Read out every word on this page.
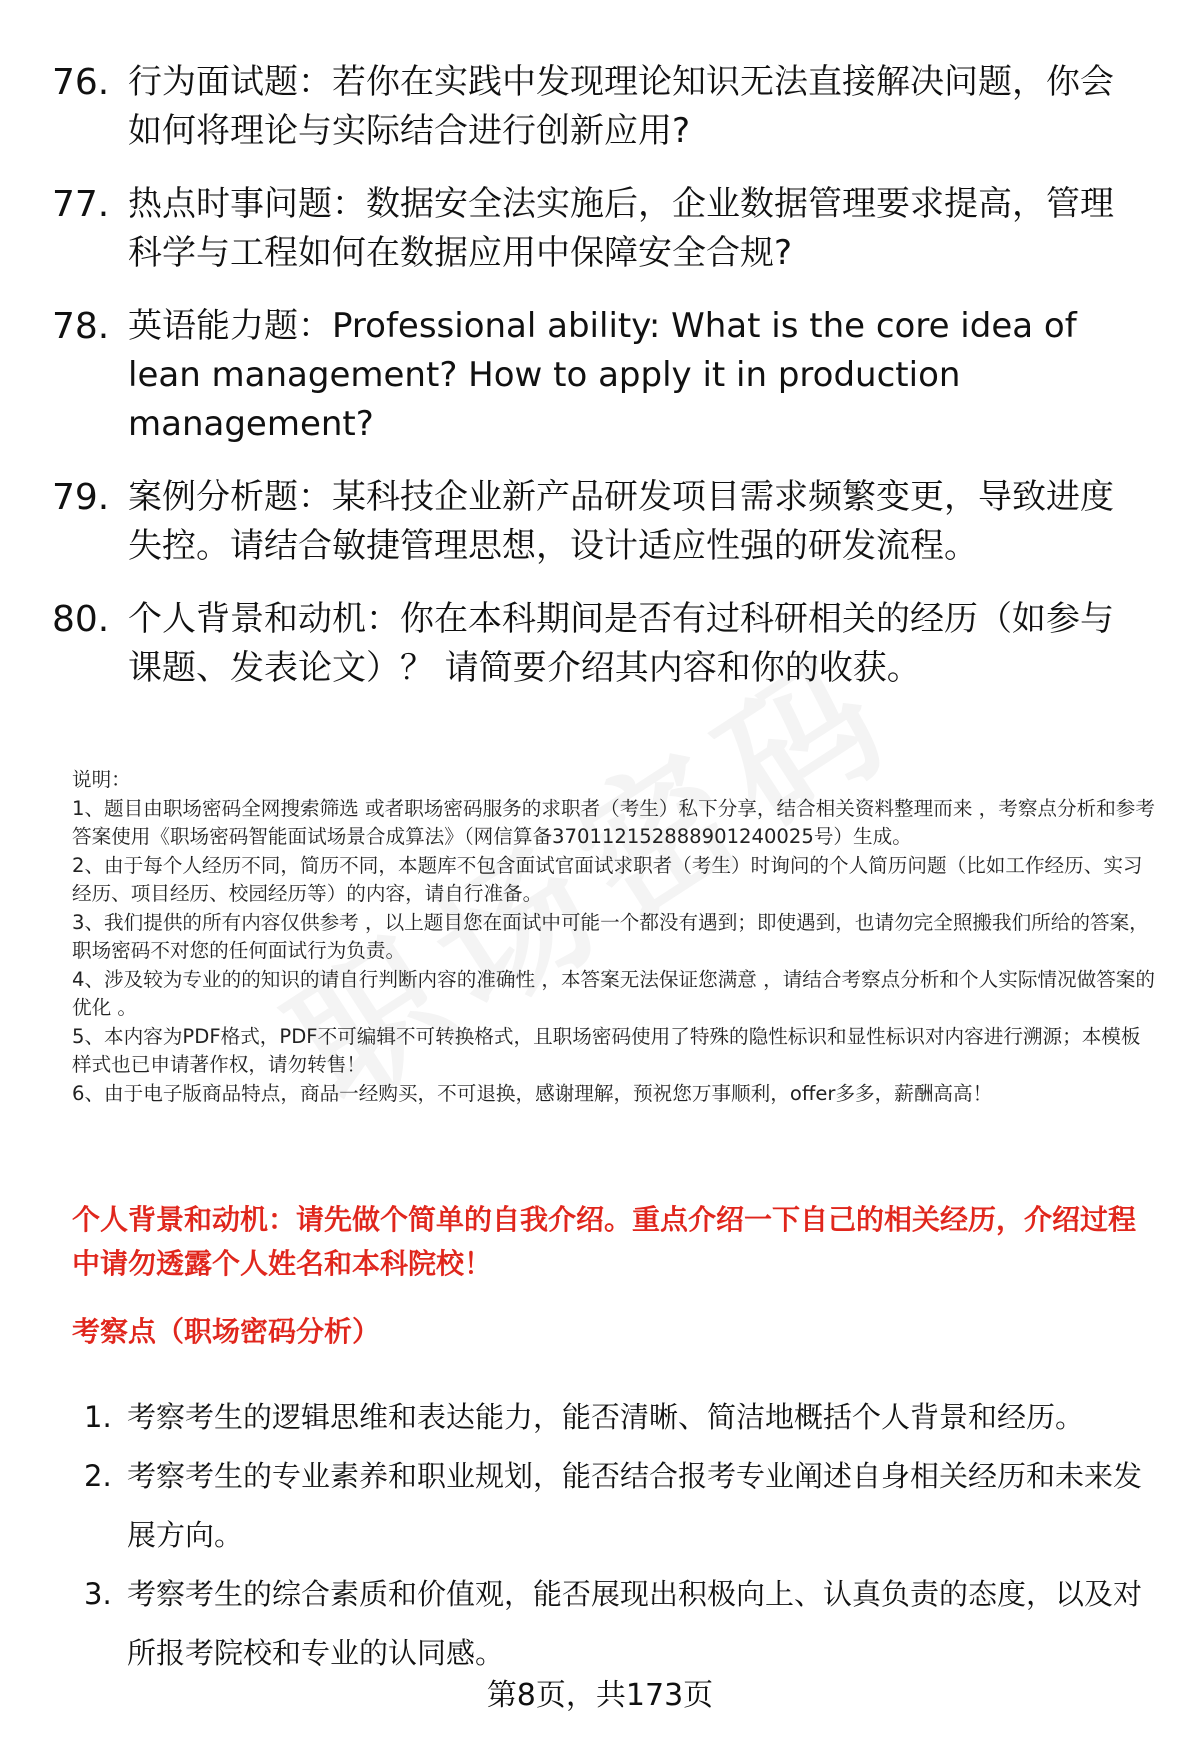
76. 行为面试题：若你在实践中发现理论知识无法直接解决问题，你会如何将理论与实际结合进行创新应用?
77. 热点时事问题：数据安全法实施后，企业数据管理要求提高，管理科学与工程如何在数据应用中保障安全合规?
78. 英语能力题：Professional ability: What is the core idea of lean management? How to apply it in production management?
79. 案例分析题：某科技企业新产品研发项目需求频繁变更，导致进度失控。请结合敏捷管理思想，设计适应性强的研发流程。
80. 个人背景和动机：你在本科期间是否有过科研相关的经历（如参与课题、发表论文）？ 请简要介绍其内容和你的收获。

说明：

1、题目由职场密码全网搜索筛选 或者职场密码服务的求职者（考生）私下分享，结合相关资料整理而来 ，考察点分析和参考答案使用《职场密码智能面试场景合成算法》（网信算备370112152888901240025号）生成。

2、由于每个人经历不同，简历不同，本题库不包含面试官面试求职者（考生）时询问的个人简历问题（比如工作经历、实习经历、项目经历、校园经历等）的内容，请自行准备。

3、我们提供的所有内容仅供参考 ，以上题目您在面试中可能一个都没有遇到；即使遇到，也请勿完全照搬我们所给的答案，职场密码不对您的任何面试行为负责。

4、涉及较为专业的的知识的请自行判断内容的准确性 ，本答案无法保证您满意 ，请结合考察点分析和个人实际情况做答案的优化 。

5、本内容为PDF格式，PDF不可编辑不可转换格式，且职场密码使用了特殊的隐性标识和显性标识对内容进行溯源；本模板样式也已申请著作权，请勿转售！

6、由于电子版商品特点，商品一经购买，不可退换，感谢理解，预祝您万事顺利，offer多多，薪酬高高！

个人背景和动机：请先做个简单的自我介绍。重点介绍一下自己的相关经历，介绍过程中请勿透露个人姓名和本科院校！
考察点（职场密码分析）
1. 考察考生的逻辑思维和表达能力，能否清晰、简洁地概括个人背景和经历。
2. 考察考生的专业素养和职业规划，能否结合报考专业阐述自身相关经历和未来发展方向。
3. 考察考生的综合素质和价值观，能否展现出积极向上、认真负责的态度，以及对所报考院校和专业的认同感。
第8页，共173页
